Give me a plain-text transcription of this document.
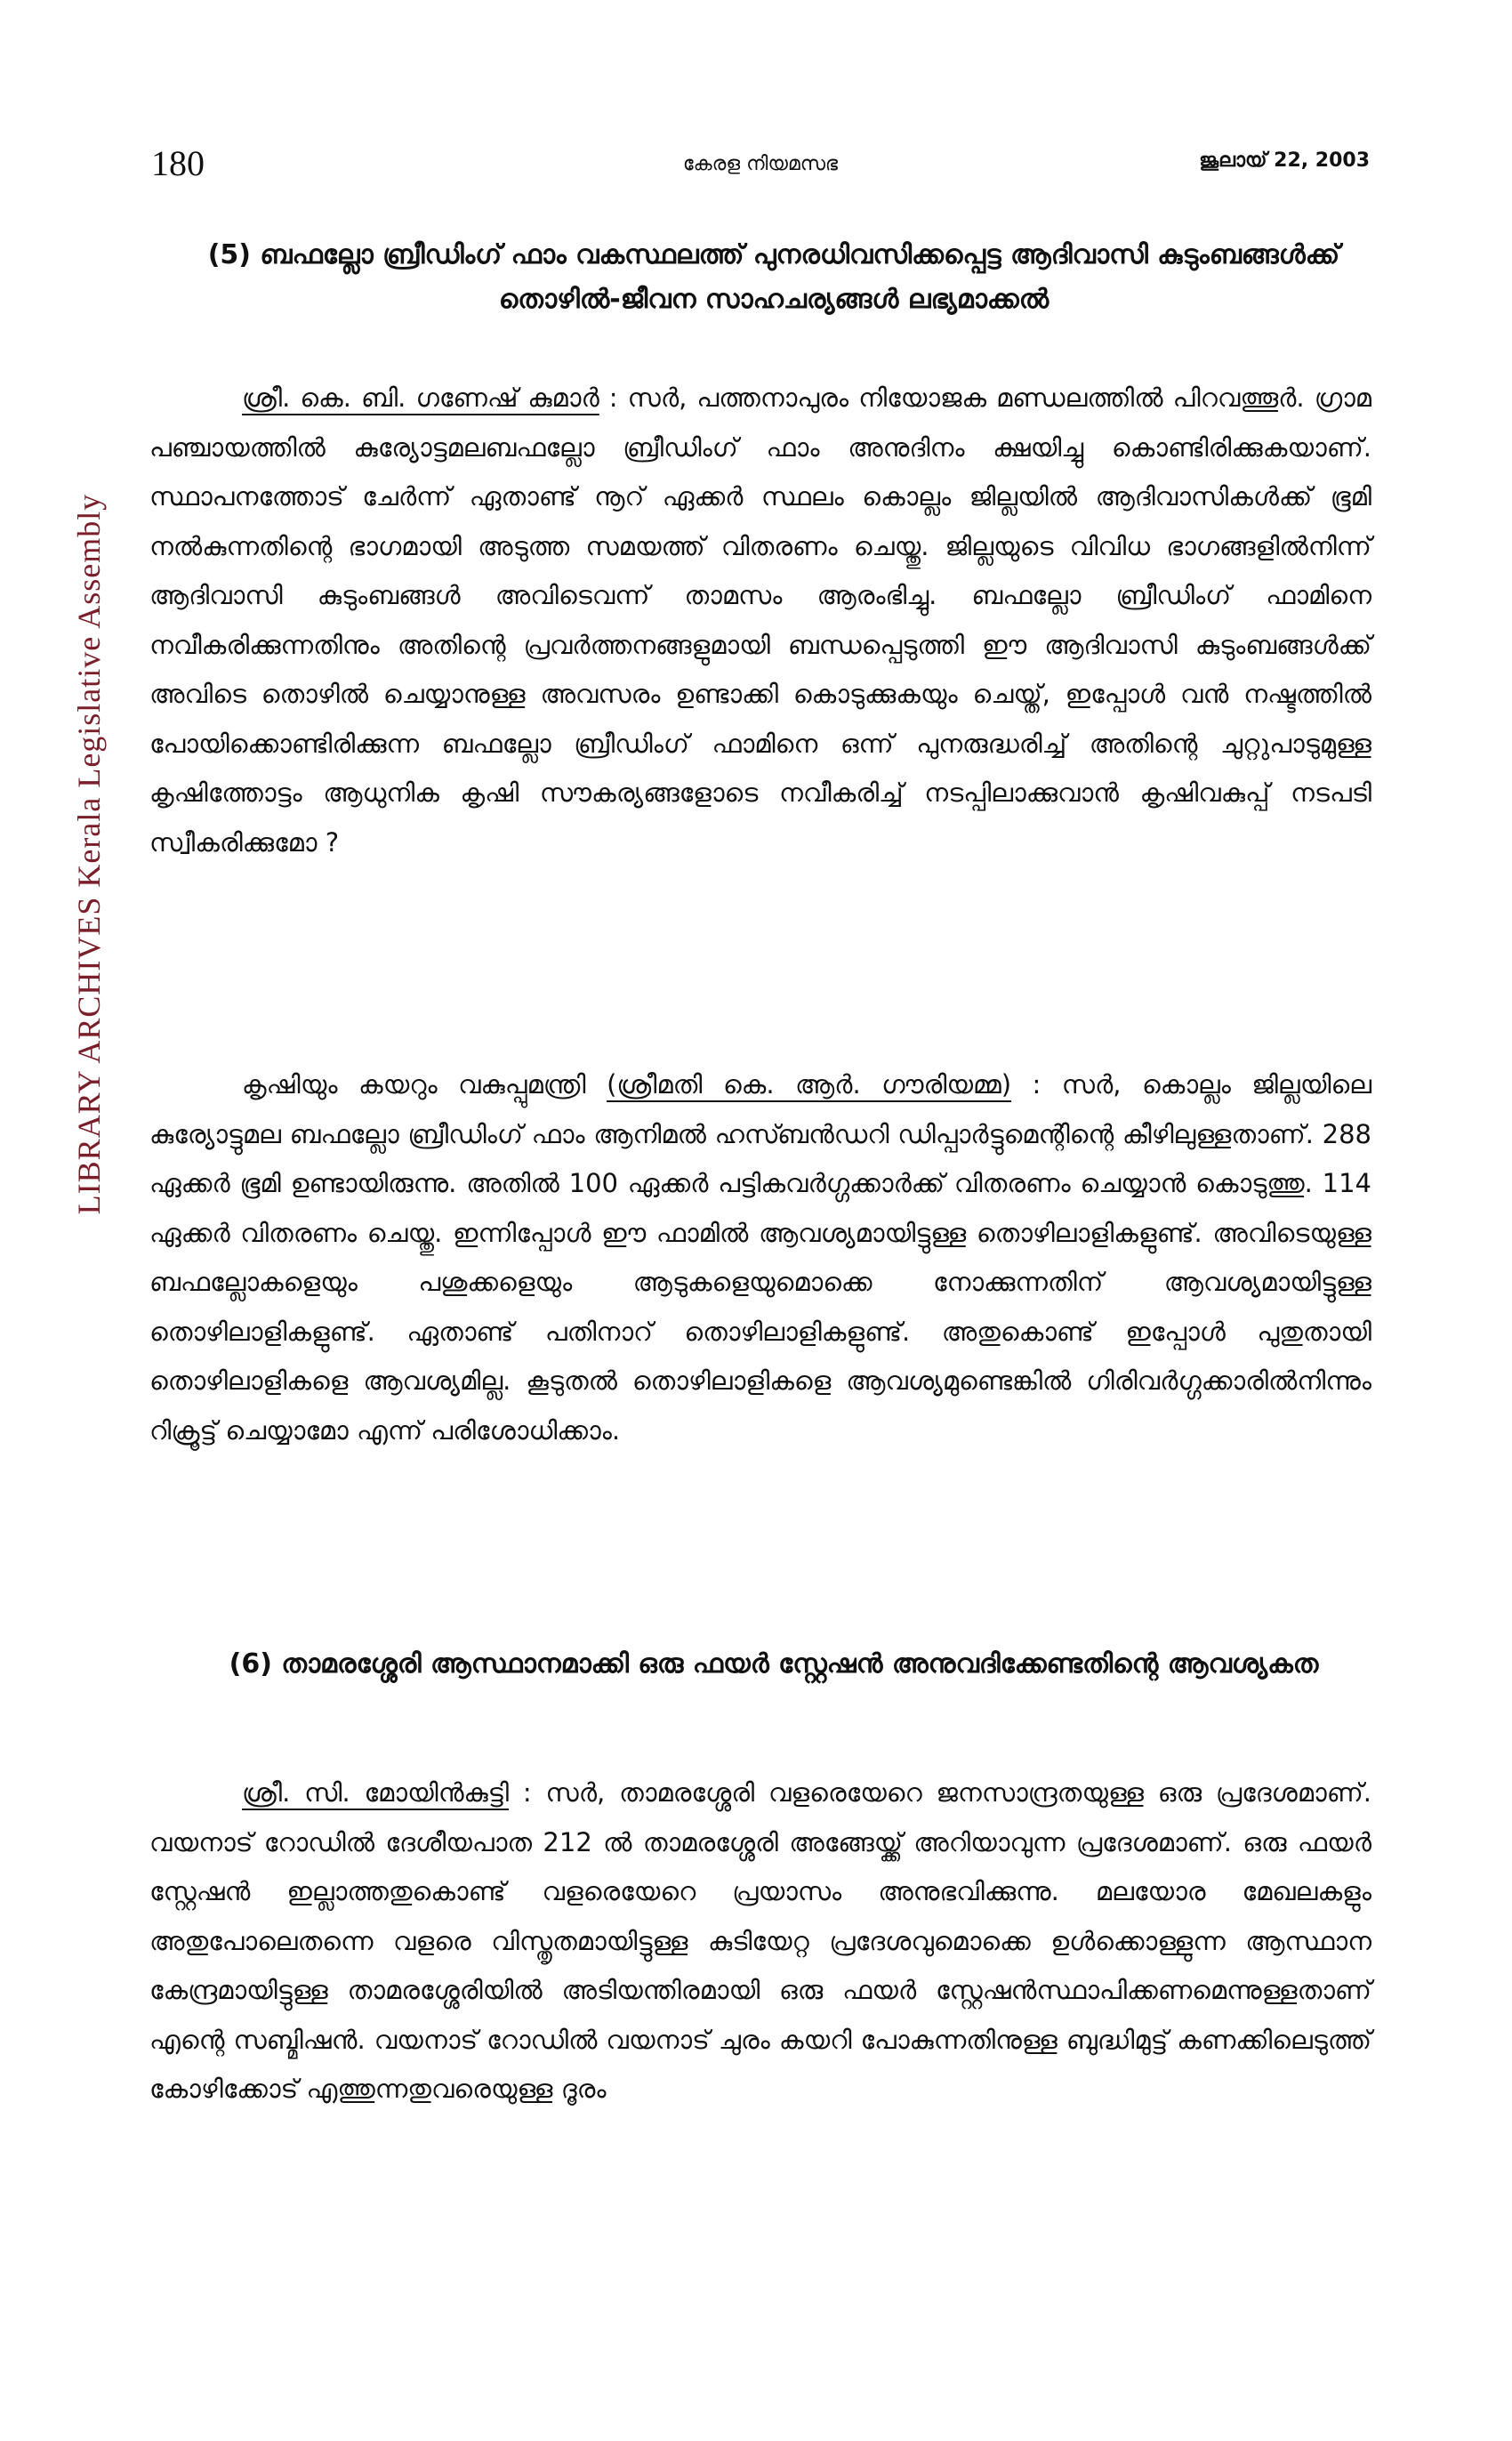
LIBRARY ARCHIVES Kerala Legislative Assembly
180	കേരള നിയമസഭ	ജൂലായ് 22, 2003
(5) ബഫല്ലോ ബ്രീഡിംഗ് ഫാം വകസ്ഥലത്ത് പുനരധിവസിക്കപ്പെട്ട ആദിവാസി കുടുംബങ്ങൾക്ക് തൊഴിൽ-ജീവന സാഹചര്യങ്ങൾ ലഭ്യമാക്കൽ

ശ്രീ. കെ. ബി. ഗണേഷ് കുമാർ : സർ, പത്തനാപുരം നിയോജക മണ്ഡലത്തിൽ പിറവത്തൂർ. ഗ്രാമ പഞ്ചായത്തിൽ കുര്യോട്ടമലബഫല്ലോ ബ്രീഡിംഗ് ഫാം അനുദിനം ക്ഷയിച്ചു കൊണ്ടിരിക്കുകയാണ്. സ്ഥാപനത്തോട് ചേർന്ന് ഏതാണ്ട് നൂറ് ഏക്കർ സ്ഥലം കൊല്ലം ജില്ലയിൽ ആദിവാസികൾക്ക് ഭൂമി നൽകുന്നതിന്റെ ഭാഗമായി അടുത്ത സമയത്ത് വിതരണം ചെയ്തു. ജില്ലയുടെ വിവിധ ഭാഗങ്ങളിൽനിന്ന് ആദിവാസി കുടുംബങ്ങൾ അവിടെവന്ന് താമസം ആരംഭിച്ചു. ബഫല്ലോ ബ്രീഡിംഗ് ഫാമിനെ നവീകരിക്കുന്നതിനും അതിന്റെ പ്രവർത്തനങ്ങളുമായി ബന്ധപ്പെടുത്തി ഈ ആദിവാസി കുടുംബങ്ങൾക്ക് അവിടെ തൊഴിൽ ചെയ്യാനുള്ള അവസരം ഉണ്ടാക്കി കൊടുക്കുകയും ചെയ്ത്, ഇപ്പോൾ വൻ നഷ്ടത്തിൽ പോയിക്കൊണ്ടിരിക്കുന്ന ബഫല്ലോ ബ്രീഡിംഗ് ഫാമിനെ ഒന്ന് പുനരുദ്ധരിച്ച് അതിന്റെ ചുറ്റുപാടുമുള്ള കൃഷിത്തോട്ടം ആധുനിക കൃഷി സൗകര്യങ്ങളോടെ നവീകരിച്ച് നടപ്പിലാക്കുവാൻ കൃഷിവകുപ്പ് നടപടി സ്വീകരിക്കുമോ ?

കൃഷിയും കയറും വകുപ്പുമന്ത്രി (ശ്രീമതി കെ. ആർ. ഗൗരിയമ്മ) : സർ, കൊല്ലം ജില്ലയിലെ കുര്യോട്ടുമല ബഫല്ലോ ബ്രീഡിംഗ് ഫാം ആനിമൽ ഹസ്ബൻഡറി ഡിപ്പാർട്ടുമെന്റിന്റെ കീഴിലുള്ളതാണ്. 288 ഏക്കർ ഭൂമി ഉണ്ടായിരുന്നു. അതിൽ 100 ഏക്കർ പട്ടികവർഗ്ഗക്കാർക്ക് വിതരണം ചെയ്യാൻ കൊടുത്തു. 114 ഏക്കർ വിതരണം ചെയ്തു. ഇന്നിപ്പോൾ ഈ ഫാമിൽ ആവശ്യമായിട്ടുള്ള തൊഴിലാളികളുണ്ട്. അവിടെയുള്ള ബഫല്ലോകളെയും പശുക്കളെയും ആടുകളെയുമൊക്കെ നോക്കുന്നതിന് ആവശ്യമായിട്ടുള്ള തൊഴിലാളികളുണ്ട്. ഏതാണ്ട് പതിനാറ് തൊഴിലാളികളുണ്ട്. അതുകൊണ്ട് ഇപ്പോൾ പുതുതായി തൊഴിലാളികളെ ആവശ്യമില്ല. കൂടുതൽ തൊഴിലാളികളെ ആവശ്യമുണ്ടെങ്കിൽ ഗിരിവർഗ്ഗക്കാരിൽനിന്നും റിക്രൂട്ട് ചെയ്യാമോ എന്ന് പരിശോധിക്കാം.

(6) താമരശ്ശേരി ആസ്ഥാനമാക്കി ഒരു ഫയർ സ്റ്റേഷൻ അനുവദിക്കേണ്ടതിന്റെ ആവശ്യകത

ശ്രീ. സി. മോയിൻകുട്ടി : സർ, താമരശ്ശേരി വളരെയേറെ ജനസാന്ദ്രതയുള്ള ഒരു പ്രദേശമാണ്. വയനാട് റോഡിൽ ദേശീയപാത 212 ൽ താമരശ്ശേരി അങ്ങേയ്ക്ക് അറിയാവുന്ന പ്രദേശമാണ്. ഒരു ഫയർ സ്റ്റേഷൻ ഇല്ലാത്തതുകൊണ്ട് വളരെയേറെ പ്രയാസം അനുഭവിക്കുന്നു. മലയോര മേഖലകളും അതുപോലെതന്നെ വളരെ വിസ്തൃതമായിട്ടുള്ള കുടിയേറ്റ പ്രദേശവുമൊക്കെ ഉൾക്കൊള്ളുന്ന ആസ്ഥാന കേന്ദ്രമായിട്ടുള്ള താമരശ്ശേരിയിൽ അടിയന്തിരമായി ഒരു ഫയർ സ്റ്റേഷൻസ്ഥാപിക്കണമെന്നുള്ളതാണ് എന്റെ സബ്മിഷൻ. വയനാട് റോഡിൽ വയനാട് ചുരം കയറി പോകുന്നതിനുള്ള ബുദ്ധിമുട്ട് കണക്കിലെടുത്ത് കോഴിക്കോട് എത്തുന്നതുവരെയുള്ള ദൂരം
